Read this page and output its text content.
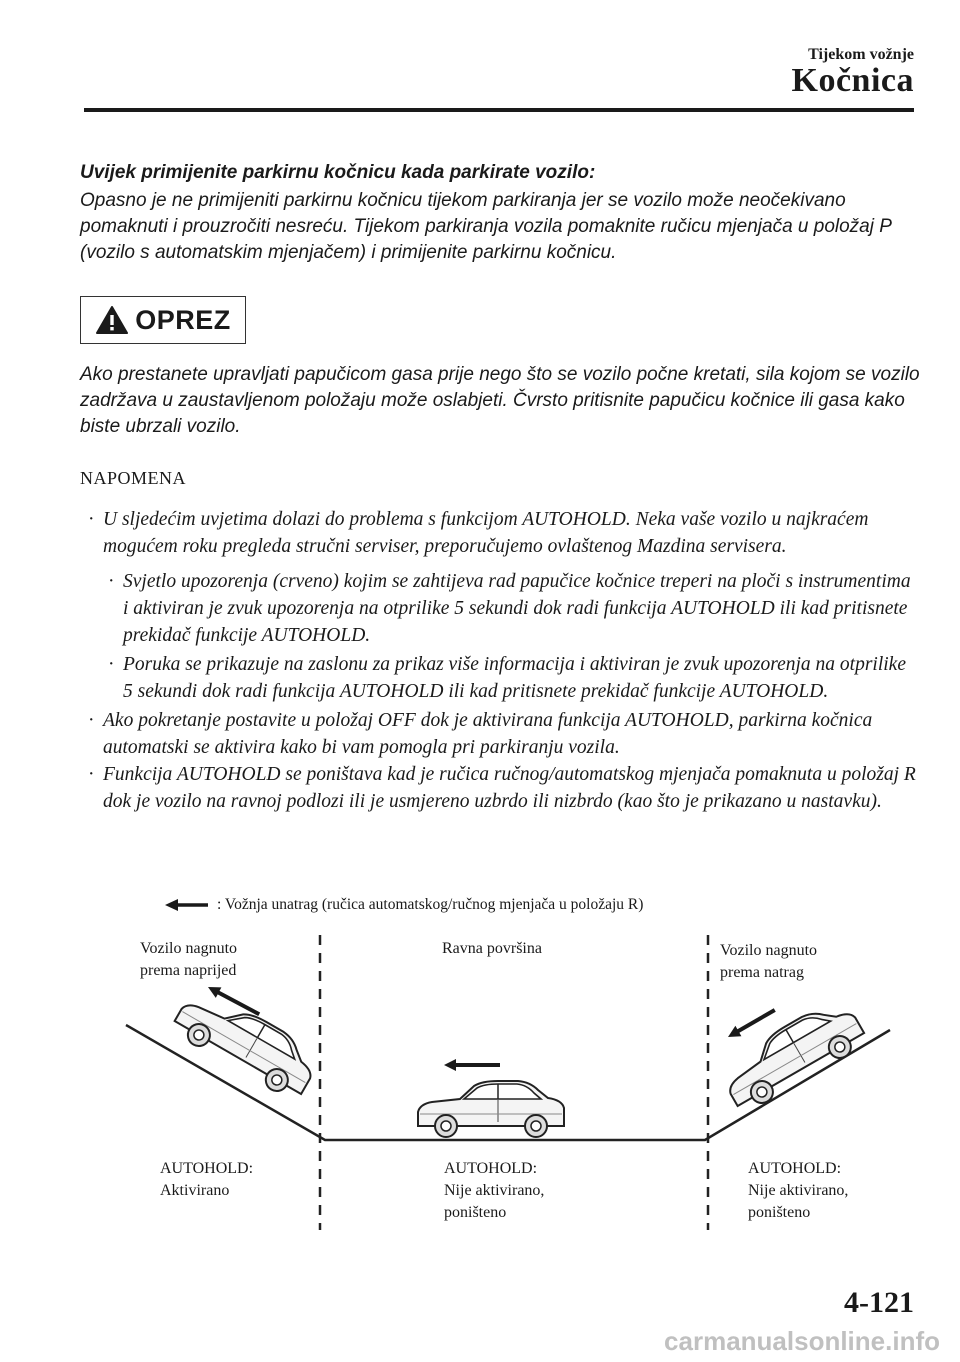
Tijekom vožnje
Kočnica
Uvijek primijenite parkirnu kočnicu kada parkirate vozilo:
Opasno je ne primijeniti parkirnu kočnicu tijekom parkiranja jer se vozilo može neočekivano pomaknuti i prouzročiti nesreću. Tijekom parkiranja vozila pomaknite ručicu mjenjača u položaj P (vozilo s automatskim mjenjačem) i primijenite parkirnu kočnicu.
OPREZ
Ako prestanete upravljati papučicom gasa prije nego što se vozilo počne kretati, sila kojom se vozilo zadržava u zaustavljenom položaju može oslabjeti. Čvrsto pritisnite papučicu kočnice ili gasa kako biste ubrzali vozilo.
NAPOMENA
· U sljedećim uvjetima dolazi do problema s funkcijom AUTOHOLD. Neka vaše vozilo u najkraćem mogućem roku pregleda stručni serviser, preporučujemo ovlaštenog Mazdina servisera.
· Svjetlo upozorenja (crveno) kojim se zahtijeva rad papučice kočnice treperi na ploči s instrumentima i aktiviran je zvuk upozorenja na otprilike 5 sekundi dok radi funkcija AUTOHOLD ili kad pritisnete prekidač funkcije AUTOHOLD.
· Poruka se prikazuje na zaslonu za prikaz više informacija i aktiviran je zvuk upozorenja na otprilike 5 sekundi dok radi funkcija AUTOHOLD ili kad pritisnete prekidač funkcije AUTOHOLD.
· Ako pokretanje postavite u položaj OFF dok je aktivirana funkcija AUTOHOLD, parkirna kočnica automatski se aktivira kako bi vam pomogla pri parkiranju vozila.
· Funkcija AUTOHOLD se poništava kad je ručica ručnog/automatskog mjenjača pomaknuta u položaj R dok je vozilo na ravnoj podlozi ili je usmjereno uzbrdo ili nizbrdo (kao što je prikazano u nastavku).
: Vožnja unatrag (ručica automatskog/ručnog mjenjača u položaju R)
Vozilo nagnuto
prema naprijed
Ravna površina	Vozilo nagnuto
prema natrag
AUTOHOLD:
Aktivirano
AUTOHOLD:
Nije aktivirano,
poništeno
AUTOHOLD:
Nije aktivirano,
poništeno
4-121
carmanualsonline.info
